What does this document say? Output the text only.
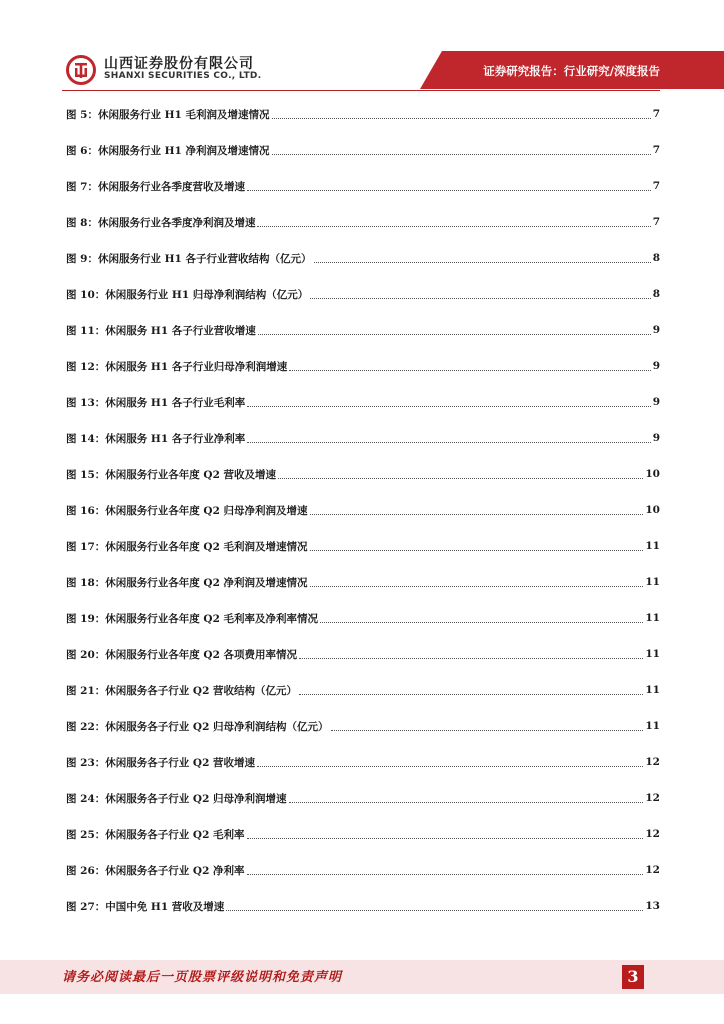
山西证券股份有限公司
SHANXI SECURITIES CO., LTD.	证券研究报告：行业研究/深度报告
图 5：休闲服务行业 H1 毛利润及增速情况	7
图 6：休闲服务行业 H1 净利润及增速情况	7
图 7：休闲服务行业各季度营收及增速	7
图 8：休闲服务行业各季度净利润及增速	7
图 9：休闲服务行业 H1 各子行业营收结构（亿元）	8
图 10：休闲服务行业 H1 归母净利润结构（亿元）	8
图 11：休闲服务 H1 各子行业营收增速	9
图 12：休闲服务 H1 各子行业归母净利润增速	9
图 13：休闲服务 H1 各子行业毛利率	9
图 14：休闲服务 H1 各子行业净利率	9
图 15：休闲服务行业各年度 Q2 营收及增速	10
图 16：休闲服务行业各年度 Q2 归母净利润及增速	10
图 17：休闲服务行业各年度 Q2 毛利润及增速情况	11
图 18：休闲服务行业各年度 Q2 净利润及增速情况	11
图 19：休闲服务行业各年度 Q2 毛利率及净利率情况	11
图 20：休闲服务行业各年度 Q2 各项费用率情况	11
图 21：休闲服务各子行业 Q2 营收结构（亿元）	11
图 22：休闲服务各子行业 Q2 归母净利润结构（亿元）	11
图 23：休闲服务各子行业 Q2 营收增速	12
图 24：休闲服务各子行业 Q2 归母净利润增速	12
图 25：休闲服务各子行业 Q2 毛利率	12
图 26：休闲服务各子行业 Q2 净利率	12
图 27：中国中免 H1 营收及增速	13
请务必阅读最后一页股票评级说明和免责声明	3
